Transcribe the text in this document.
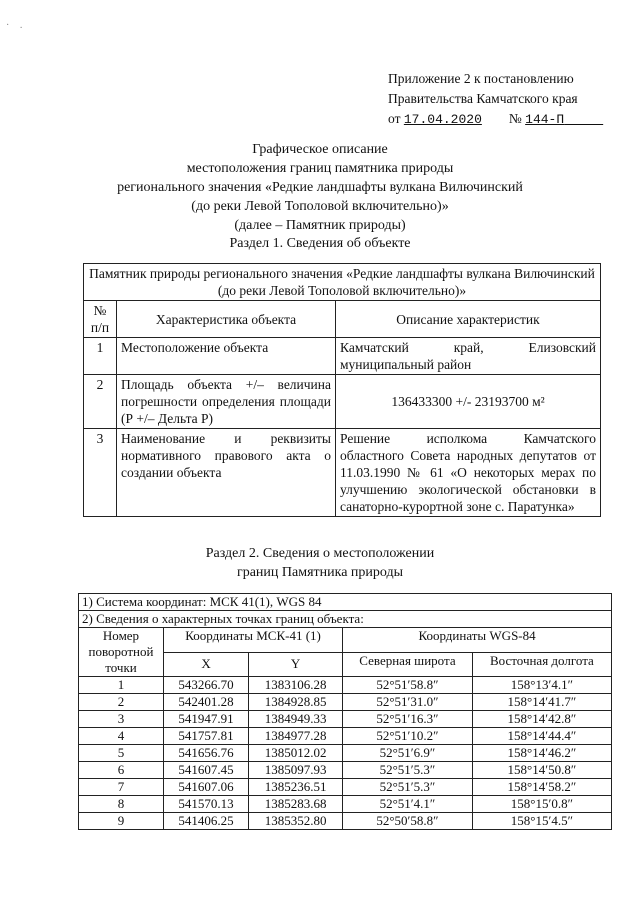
· .
Приложение 2 к постановлению
Правительства Камчатского края
от 17.04.2020 № 144-П
Графическое описание
местоположения границ памятника природы
регионального значения «Редкие ландшафты вулкана Вилючинский
(до реки Левой Тополовой включительно)»
(далее – Памятник природы)
Раздел 1. Сведения об объекте
Памятник природы регионального значения «Редкие ландшафты вулкана Вилючинский (до реки Левой Тополовой включительно)»		
№ п/п	Характеристика объекта	Описание характеристик
1	Местоположение объекта	Камчатский край, Елизовский муниципальный район
2	Площадь объекта +/– величина погрешности определения площади (Р +/– Дельта Р)	136433300 +/- 23193700 м²
3	Наименование и реквизиты нормативного правового акта о создании объекта	Решение исполкома Камчатского областного Совета народных депутатов от 11.03.1990 № 61 «О некоторых мерах по улучшению экологической обстановки в санаторно-курортной зоне с. Паратунка»
Раздел 2. Сведения о местоположении
границ Памятника природы
1) Система координат: МСК 41(1), WGS 84				
2) Сведения о характерных точках границ объекта:				
Номер поворотной точки	Координаты МСК-41 (1)		Координаты WGS-84	
	X	Y	Северная широта	Восточная долгота
1	543266.70	1383106.28	52°51′58.8″	158°13′4.1″
2	542401.28	1384928.85	52°51′31.0″	158°14′41.7″
3	541947.91	1384949.33	52°51′16.3″	158°14′42.8″
4	541757.81	1384977.28	52°51′10.2″	158°14′44.4″
5	541656.76	1385012.02	52°51′6.9″	158°14′46.2″
6	541607.45	1385097.93	52°51′5.3″	158°14′50.8″
7	541607.06	1385236.51	52°51′5.3″	158°14′58.2″
8	541570.13	1385283.68	52°51′4.1″	158°15′0.8″
9	541406.25	1385352.80	52°50′58.8″	158°15′4.5″
